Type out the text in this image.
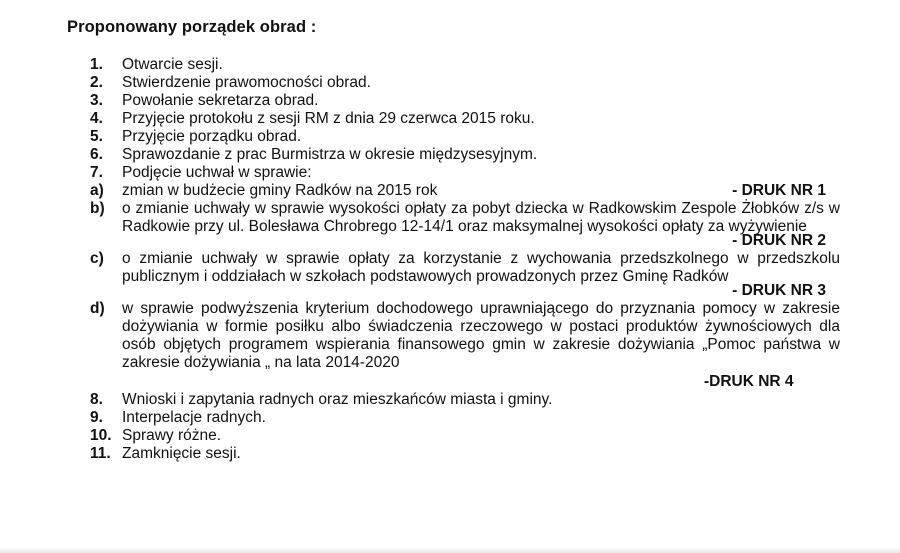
Proponowany porządek obrad :
1.	Otwarcie sesji.
2.	Stwierdzenie prawomocności obrad.
3.	Powołanie sekretarza obrad.
4.	Przyjęcie protokołu z sesji RM z dnia 29 czerwca 2015 roku.
5.	Przyjęcie porządku obrad.
6.	Sprawozdanie z prac Burmistrza w okresie międzysesyjnym.
7.	Podjęcie uchwał w sprawie:
a)	zmian w budżecie gminy Radków na 2015 rok	- DRUK NR 1
b)	o zmianie uchwały w sprawie wysokości opłaty za pobyt dziecka w Radkowskim Zespole Żłobków z/s w Radkowie przy ul. Bolesława Chrobrego 12-14/1 oraz maksymalnej wysokości opłaty za wyżywienie
- DRUK NR 2
c)	o zmianie uchwały w sprawie opłaty za korzystanie z wychowania przedszkolnego w przedszkolu publicznym i oddziałach w szkołach podstawowych prowadzonych przez Gminę Radków
- DRUK NR 3
d)	w sprawie podwyższenia kryterium dochodowego uprawniającego do przyznania pomocy w zakresie dożywiania w formie posiłku albo świadczenia rzeczowego w postaci produktów żywnościowych dla osób objętych programem wspierania finansowego gmin w zakresie dożywiania „Pomoc państwa w zakresie dożywiania „ na lata 2014-2020
-DRUK NR 4
8.	Wnioski i zapytania radnych oraz mieszkańców miasta i gminy.
9.	Interpelacje radnych.
10. Sprawy różne.
11. Zamknięcie sesji.
